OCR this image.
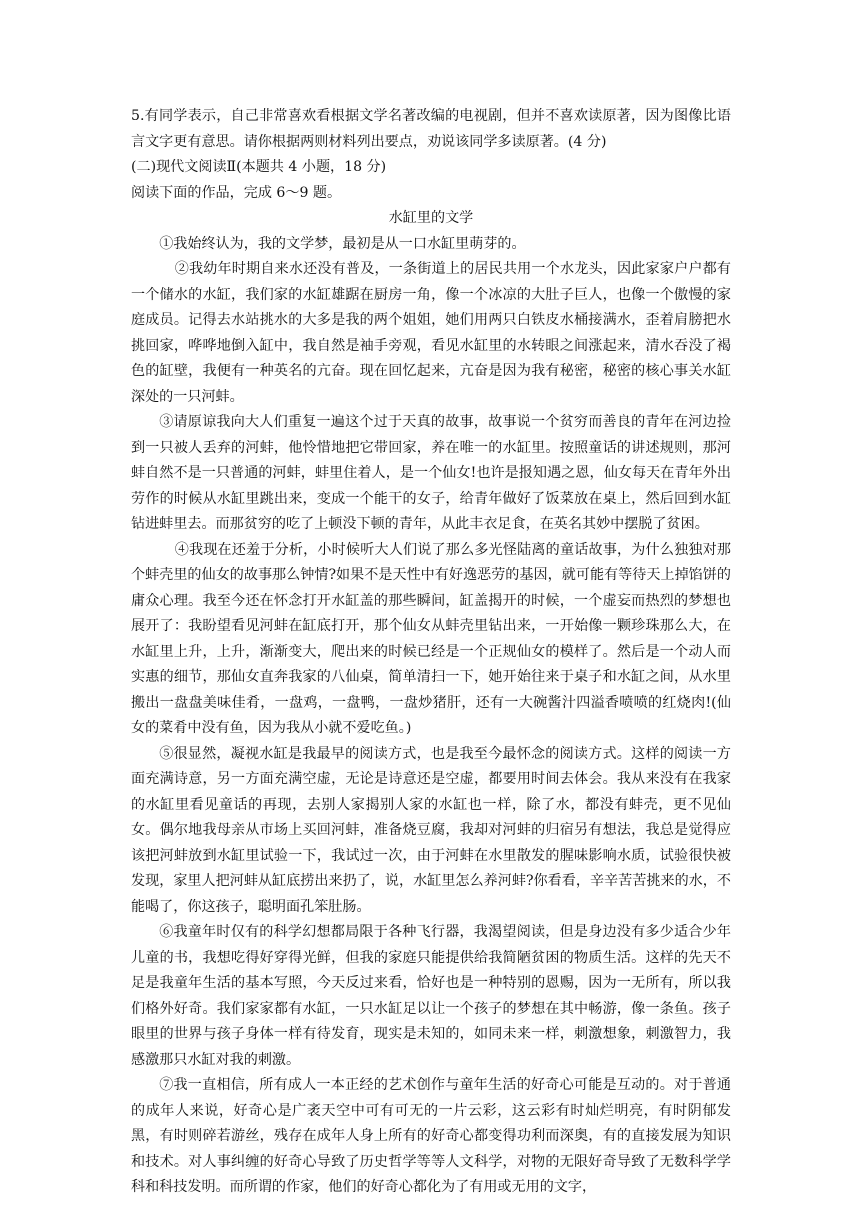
5.有同学表示，自己非常喜欢看根据文学名著改编的电视剧，但并不喜欢读原著，因为图像比语言文字更有意思。请你根据两则材料列出要点，劝说该同学多读原著。(4 分)

(二)现代文阅读Ⅱ(本题共 4 小题，18 分)

阅读下面的作品，完成 6～9 题。

水缸里的文学

①我始终认为，我的文学梦，最初是从一口水缸里萌芽的。

②我幼年时期自来水还没有普及，一条街道上的居民共用一个水龙头，因此家家户户都有一个储水的水缸，我们家的水缸雄踞在厨房一角，像一个冰凉的大肚子巨人，也像一个傲慢的家庭成员。记得去水站挑水的大多是我的两个姐姐，她们用两只白铁皮水桶接满水，歪着肩膀把水挑回家，哗哗地倒入缸中，我自然是袖手旁观，看见水缸里的水转眼之间涨起来，清水吞没了褐色的缸壁，我便有一种英名的亢奋。现在回忆起来，亢奋是因为我有秘密，秘密的核心事关水缸深处的一只河蚌。

③请原谅我向大人们重复一遍这个过于天真的故事，故事说一个贫穷而善良的青年在河边捡到一只被人丢弃的河蚌，他怜惜地把它带回家，养在唯一的水缸里。按照童话的讲述规则，那河蚌自然不是一只普通的河蚌，蚌里住着人，是一个仙女!也许是报知遇之恩，仙女每天在青年外出劳作的时候从水缸里跳出来，变成一个能干的女子，给青年做好了饭菜放在桌上，然后回到水缸钻进蚌里去。而那贫穷的吃了上顿没下顿的青年，从此丰衣足食，在英名其妙中摆脱了贫困。

④我现在还羞于分析，小时候听大人们说了那么多光怪陆离的童话故事，为什么独独对那个蚌壳里的仙女的故事那么钟情?如果不是天性中有好逸恶劳的基因，就可能有等待天上掉馅饼的庸众心理。我至今还在怀念打开水缸盖的那些瞬间，缸盖揭开的时候，一个虚妄而热烈的梦想也展开了：我盼望看见河蚌在缸底打开，那个仙女从蚌壳里钻出来，一开始像一颗珍珠那么大，在水缸里上升，上升，渐渐变大，爬出来的时候已经是一个正规仙女的模样了。然后是一个动人而实惠的细节，那仙女直奔我家的八仙桌，简单清扫一下，她开始往来于桌子和水缸之间，从水里搬出一盘盘美味佳肴，一盘鸡，一盘鸭，一盘炒猪肝，还有一大碗酱汁四溢香喷喷的红烧肉!(仙女的菜肴中没有鱼，因为我从小就不爱吃鱼。)

⑤很显然，凝视水缸是我最早的阅读方式，也是我至今最怀念的阅读方式。这样的阅读一方面充满诗意，另一方面充满空虚，无论是诗意还是空虚，都要用时间去体会。我从来没有在我家的水缸里看见童话的再现，去别人家揭别人家的水缸也一样，除了水，都没有蚌壳，更不见仙女。偶尔地我母亲从市场上买回河蚌，准备烧豆腐，我却对河蚌的归宿另有想法，我总是觉得应该把河蚌放到水缸里试验一下，我试过一次，由于河蚌在水里散发的腥味影响水质，试验很快被发现，家里人把河蚌从缸底捞出来扔了，说，水缸里怎么养河蚌?你看看，辛辛苦苦挑来的水，不能喝了，你这孩子，聪明面孔笨肚肠。

⑥我童年时仅有的科学幻想都局限于各种飞行器，我渴望阅读，但是身边没有多少适合少年儿童的书，我想吃得好穿得光鲜，但我的家庭只能提供给我简陋贫困的物质生活。这样的先天不足是我童年生活的基本写照，今天反过来看，恰好也是一种特别的恩赐，因为一无所有，所以我们格外好奇。我们家家都有水缸，一只水缸足以让一个孩子的梦想在其中畅游，像一条鱼。孩子眼里的世界与孩子身体一样有待发育，现实是未知的，如同未来一样，刺激想象，刺激智力，我感激那只水缸对我的刺激。

⑦我一直相信，所有成人一本正经的艺术创作与童年生活的好奇心可能是互动的。对于普通的成年人来说，好奇心是广袤天空中可有可无的一片云彩，这云彩有时灿烂明亮，有时阴郁发黑，有时则碎若游丝，残存在成年人身上所有的好奇心都变得功利而深奥，有的直接发展为知识和技术。对人事纠缠的好奇心导致了历史哲学等等人文科学，对物的无限好奇导致了无数科学学科和科技发明。而所谓的作家，他们的好奇心都化为了有用或无用的文字，
